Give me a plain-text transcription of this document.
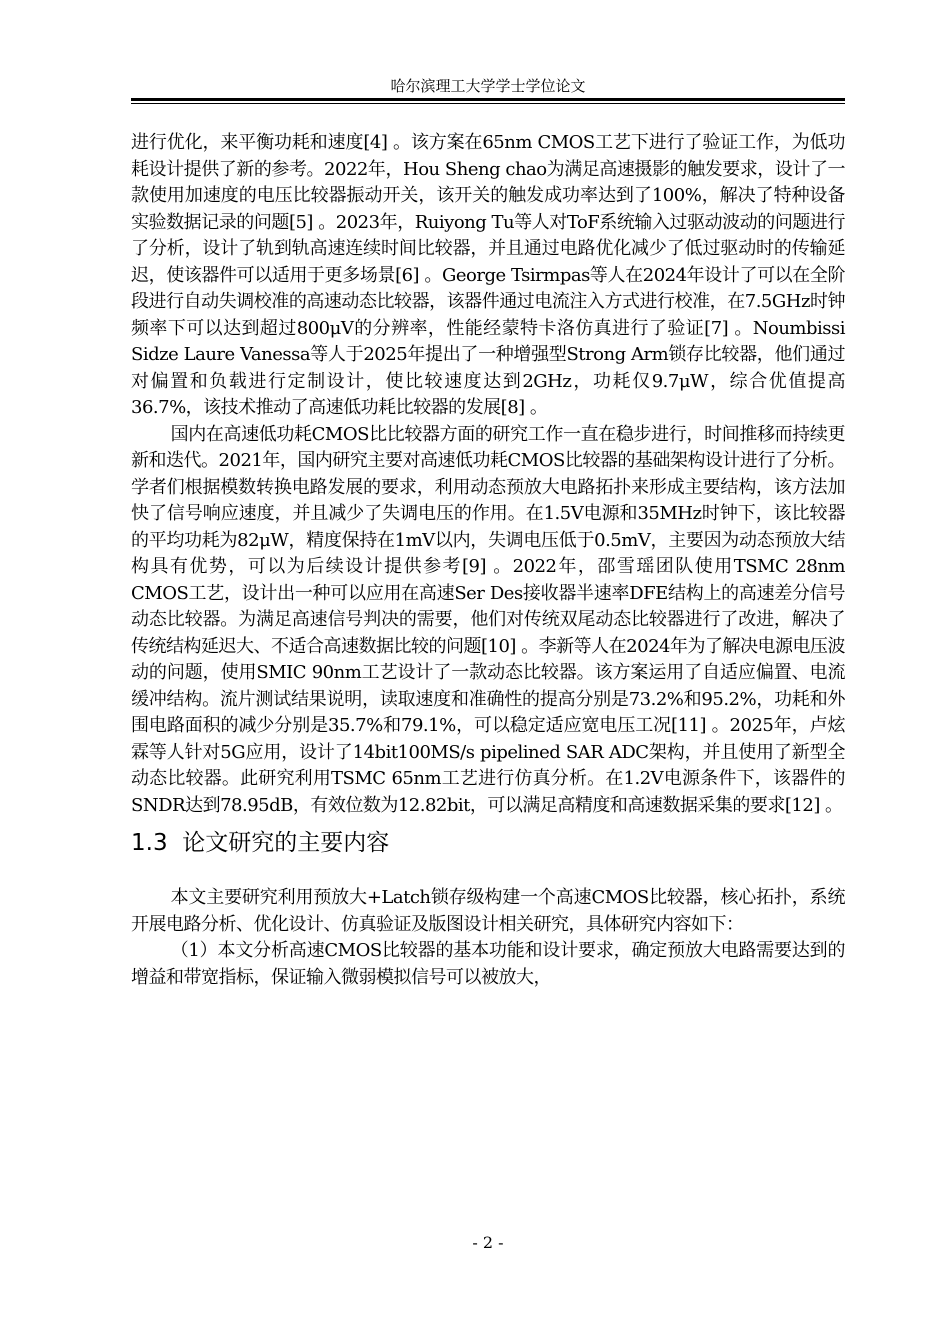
哈尔滨理工大学学士学位论文

进行优化，来平衡功耗和速度[4] 。该方案在65nm CMOS工艺下进行了验证工作，为低功耗设计提供了新的参考。2022年，Hou Sheng chao为满足高速摄影的触发要求，设计了一款使用加速度的电压比较器振动开关，该开关的触发成功率达到了100%，解决了特种设备实验数据记录的问题[5] 。2023年，Ruiyong Tu等人对ToF系统输入过驱动波动的问题进行了分析，设计了轨到轨高速连续时间比较器，并且通过电路优化减少了低过驱动时的传输延迟，使该器件可以适用于更多场景[6] 。George Tsirmpas等人在2024年设计了可以在全阶段进行自动失调校准的高速动态比较器，该器件通过电流注入方式进行校准，在7.5GHz时钟频率下可以达到超过800μV的分辨率，性能经蒙特卡洛仿真进行了验证[7] 。Noumbissi Sidze Laure Vanessa等人于2025年提出了一种增强型Strong Arm锁存比较器，他们通过对偏置和负载进行定制设计，使比较速度达到2GHz，功耗仅9.7μW，综合优值提高36.7%，该技术推动了高速低功耗比较器的发展[8] 。

国内在高速低功耗CMOS比比较器方面的研究工作一直在稳步进行，时间推移而持续更新和迭代。2021年，国内研究主要对高速低功耗CMOS比较器的基础架构设计进行了分析。学者们根据模数转换电路发展的要求，利用动态预放大电路拓扑来形成主要结构，该方法加快了信号响应速度，并且减少了失调电压的作用。在1.5V电源和35MHz时钟下，该比较器的平均功耗为82μW，精度保持在1mV以内，失调电压低于0.5mV，主要因为动态预放大结构具有优势，可以为后续设计提供参考[9] 。2022年，邵雪瑶团队使用TSMC 28nm CMOS工艺，设计出一种可以应用在高速Ser Des接收器半速率DFE结构上的高速差分信号动态比较器。为满足高速信号判决的需要，他们对传统双尾动态比较器进行了改进，解决了传统结构延迟大、不适合高速数据比较的问题[10] 。李新等人在2024年为了解决电源电压波动的问题，使用SMIC 90nm工艺设计了一款动态比较器。该方案运用了自适应偏置、电流缓冲结构。流片测试结果说明，读取速度和准确性的提高分别是73.2%和95.2%，功耗和外围电路面积的减少分别是35.7%和79.1%，可以稳定适应宽电压工况[11] 。2025年，卢炫霖等人针对5G应用，设计了14bit100MS/s pipelined SAR ADC架构，并且使用了新型全动态比较器。此研究利用TSMC 65nm工艺进行仿真分析。在1.2V电源条件下，该器件的SNDR达到78.95dB，有效位数为12.82bit，可以满足高精度和高速数据采集的要求[12] 。

1.3 论文研究的主要内容

本文主要研究利用预放大+Latch锁存级构建一个高速CMOS比较器，核心拓扑，系统开展电路分析、优化设计、仿真验证及版图设计相关研究，具体研究内容如下：

（1）本文分析高速CMOS比较器的基本功能和设计要求，确定预放大电路需要达到的增益和带宽指标，保证输入微弱模拟信号可以被放大，

- 2 -
